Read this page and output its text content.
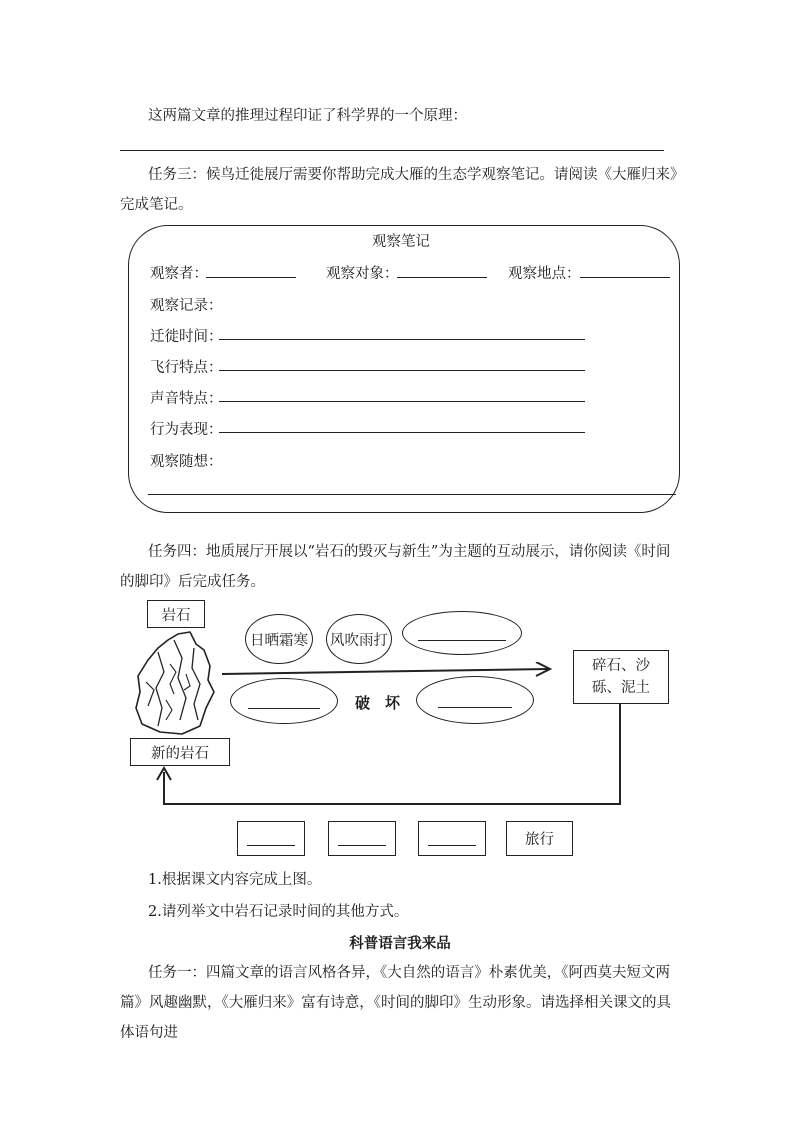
这两篇文章的推理过程印证了科学界的一个原理：
任务三：候鸟迁徙展厅需要你帮助完成大雁的生态学观察笔记。请阅读《大雁归来》完成笔记。
观察笔记
观察者：	观察对象：	观察地点：
观察记录：
迁徙时间：
飞行特点：
声音特点：
行为表现：
观察随想：
任务四：地质展厅开展以“岩石的毁灭与新生”为主题的互动展示，请你阅读《时间的脚印》后完成任务。
岩石
日晒霜寒	风吹雨打
碎石、沙砾、泥土
破　坏
新的岩石
旅行
1.根据课文内容完成上图。
2.请列举文中岩石记录时间的其他方式。
科普语言我来品
任务一：四篇文章的语言风格各异，《大自然的语言》朴素优美，《阿西莫夫短文两篇》风趣幽默，《大雁归来》富有诗意，《时间的脚印》生动形象。请选择相关课文的具体语句进
